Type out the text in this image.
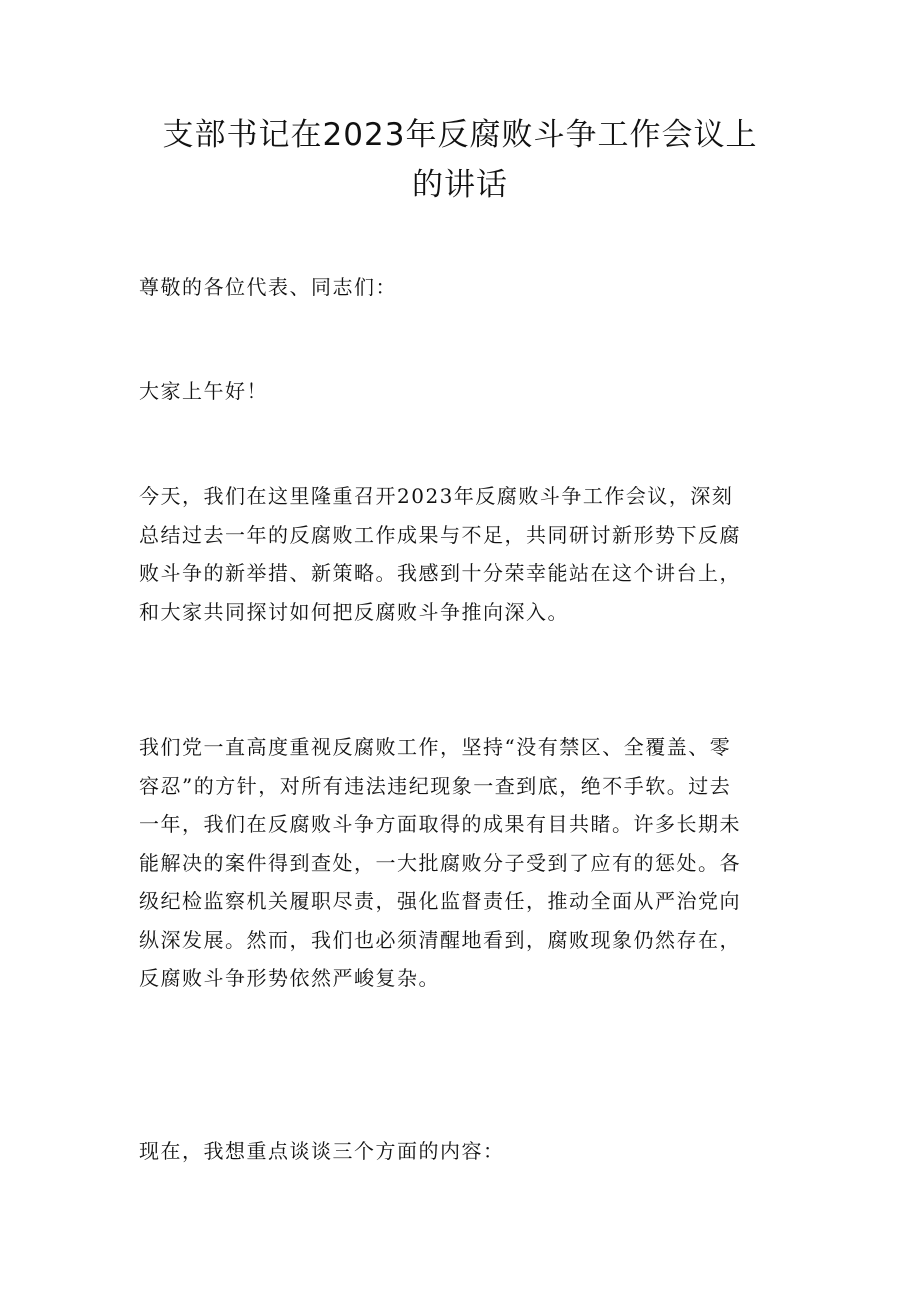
支部书记在2023年反腐败斗争工作会议上
的讲话
尊敬的各位代表、同志们：
大家上午好！
今天，我们在这里隆重召开2023年反腐败斗争工作会议，深刻
总结过去一年的反腐败工作成果与不足，共同研讨新形势下反腐
败斗争的新举措、新策略。我感到十分荣幸能站在这个讲台上，
和大家共同探讨如何把反腐败斗争推向深入。
我们党一直高度重视反腐败工作，坚持“没有禁区、全覆盖、零
容忍”的方针，对所有违法违纪现象一查到底，绝不手软。过去
一年，我们在反腐败斗争方面取得的成果有目共睹。许多长期未
能解决的案件得到查处，一大批腐败分子受到了应有的惩处。各
级纪检监察机关履职尽责，强化监督责任，推动全面从严治党向
纵深发展。然而，我们也必须清醒地看到，腐败现象仍然存在，
反腐败斗争形势依然严峻复杂。
现在，我想重点谈谈三个方面的内容：
